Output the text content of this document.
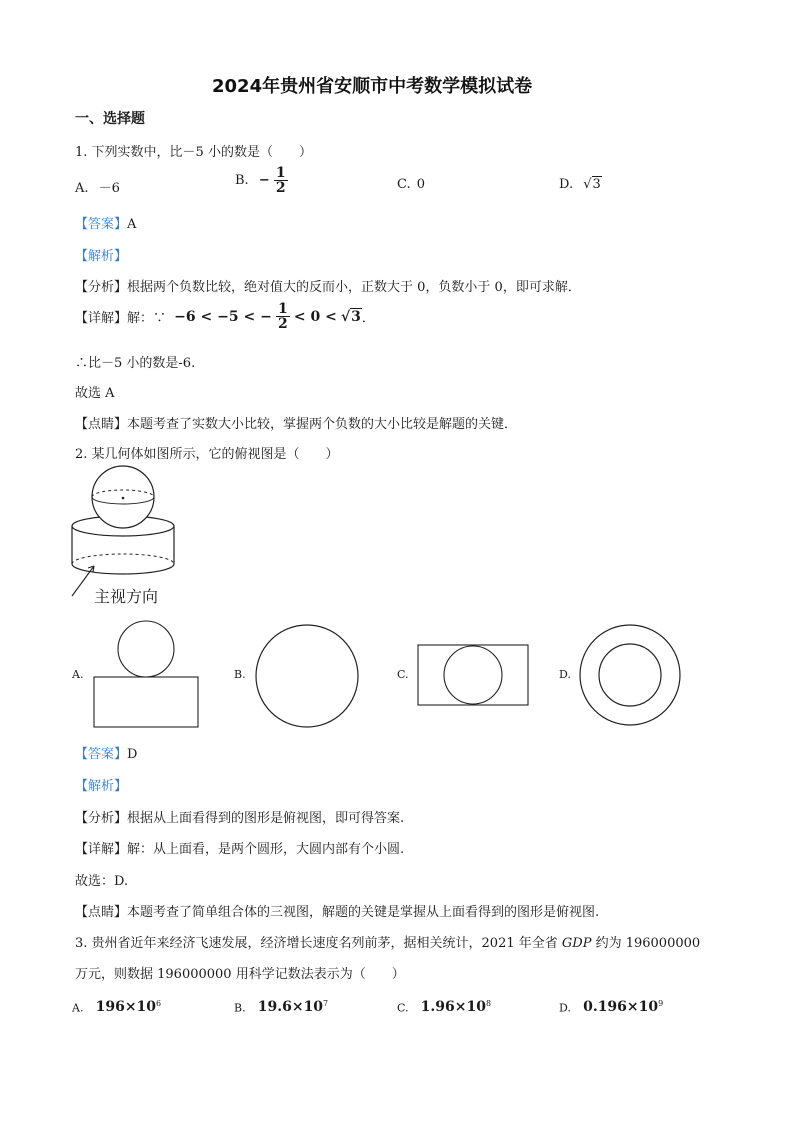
2024年贵州省安顺市中考数学模拟试卷
一、选择题
1. 下列实数中，比－5 小的数是（　　）
A. －6
B. − $\frac{1}{2}$	C. 0	D. √3
【答案】A
【解析】
【分析】根据两个负数比较，绝对值大的反而小，正数大于 0，负数小于 0，即可求解．
【详解】解：∵ −6 < −5 < − $\frac{1}{2} < 0 < √3$．
∴比－5 小的数是-6.
故选 A
【点睛】本题考查了实数大小比较，掌握两个负数的大小比较是解题的关键．
2. 某几何体如图所示，它的俯视图是（　　）
主视方向
A.	B.	C.	D.
【答案】D
【解析】
【分析】根据从上面看得到的图形是俯视图，即可得答案.
【详解】解：从上面看，是两个圆形，大圆内部有个小圆.
故选：D.
【点睛】本题考查了简单组合体的三视图，解题的关键是掌握从上面看得到的图形是俯视图.
3. 贵州省近年来经济飞速发展，经济增长速度名列前茅，据相关统计，2021 年全省 GDP 约为 196000000
万元，则数据 196000000 用科学记数法表示为（　　）
A. $196\times 10^6$	B. $19.6\times 10^7$	C. $1.96\times 10^8$	D. $0.196\times 10^9$
